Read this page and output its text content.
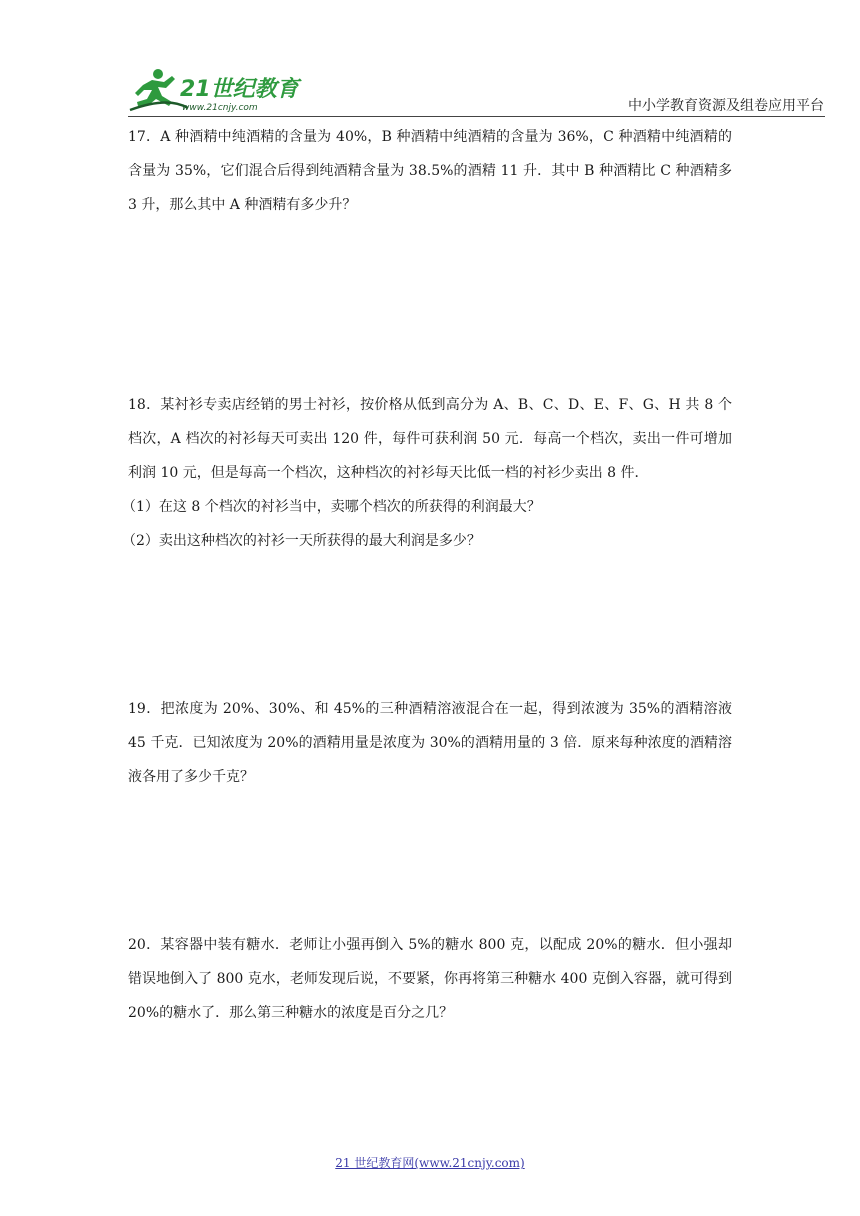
21世纪教育
www.21cnjy.com	中小学教育资源及组卷应用平台

17．A 种酒精中纯酒精的含量为 40%，B 种酒精中纯酒精的含量为 36%，C 种酒精中纯酒精的含量为 35%，它们混合后得到纯酒精含量为 38.5%的酒精 11 升．其中 B 种酒精比 C 种酒精多 3 升，那么其中 A 种酒精有多少升？

18．某衬衫专卖店经销的男士衬衫，按价格从低到高分为 A、B、C、D、E、F、G、H 共 8 个档次，A 档次的衬衫每天可卖出 120 件，每件可获利润 50 元．每高一个档次，卖出一件可增加利润 10 元，但是每高一个档次，这种档次的衬衫每天比低一档的衬衫少卖出 8 件．

（1）在这 8 个档次的衬衫当中，卖哪个档次的所获得的利润最大？

（2）卖出这种档次的衬衫一天所获得的最大利润是多少？

19．把浓度为 20%、30%、和 45%的三种酒精溶液混合在一起，得到浓渡为 35%的酒精溶液 45 千克．已知浓度为 20%的酒精用量是浓度为 30%的酒精用量的 3 倍．原来每种浓度的酒精溶液各用了多少千克？

20．某容器中装有糖水．老师让小强再倒入 5%的糖水 800 克，以配成 20%的糖水．但小强却错误地倒入了 800 克水，老师发现后说，不要紧，你再将第三种糖水 400 克倒入容器，就可得到 20%的糖水了．那么第三种糖水的浓度是百分之几？

21 世纪教育网(www.21cnjy.com)
